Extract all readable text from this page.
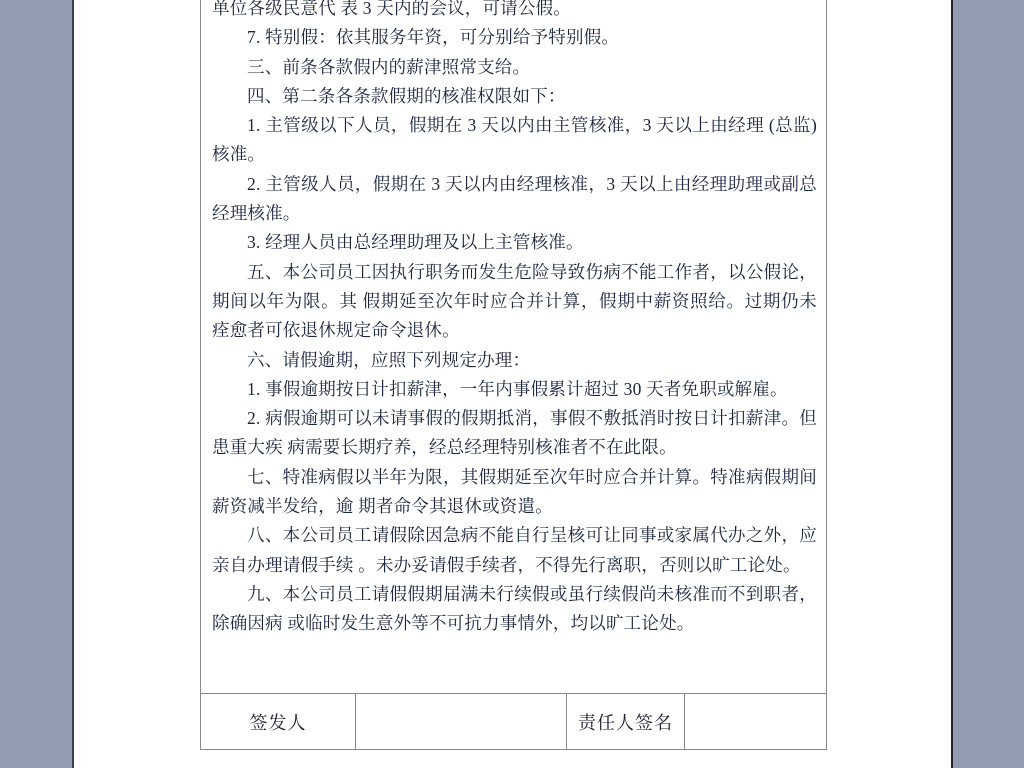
单位各级民意代 表 3 天内的会议，可请公假。

7. 特别假：依其服务年资，可分别给予特别假。

三、前条各款假内的薪津照常支给。

四、第二条各条款假期的核准权限如下：

1. 主管级以下人员，假期在 3 天以内由主管核准，3 天以上由经理 (总监) 核准。

2. 主管级人员，假期在 3 天以内由经理核准，3 天以上由经理助理或副总经理核准。

3. 经理人员由总经理助理及以上主管核准。

五、本公司员工因执行职务而发生危险导致伤病不能工作者，以公假论，期间以年为限。其 假期延至次年时应合并计算，假期中薪资照给。过期仍未痊愈者可依退休规定命令退休。

六、请假逾期，应照下列规定办理：

1. 事假逾期按日计扣薪津，一年内事假累计超过 30 天者免职或解雇。

2. 病假逾期可以未请事假的假期抵消，事假不敷抵消时按日计扣薪津。但患重大疾 病需要长期疗养，经总经理特别核准者不在此限。

七、特准病假以半年为限，其假期延至次年时应合并计算。特准病假期间薪资减半发给，逾 期者命令其退休或资遣。

八、本公司员工请假除因急病不能自行呈核可让同事或家属代办之外，应亲自办理请假手续 。未办妥请假手续者，不得先行离职，否则以旷工论处。

九、本公司员工请假假期届满未行续假或虽行续假尚未核准而不到职者，除确因病 或临时发生意外等不可抗力事情外，均以旷工论处。

签发人	责任人签名
